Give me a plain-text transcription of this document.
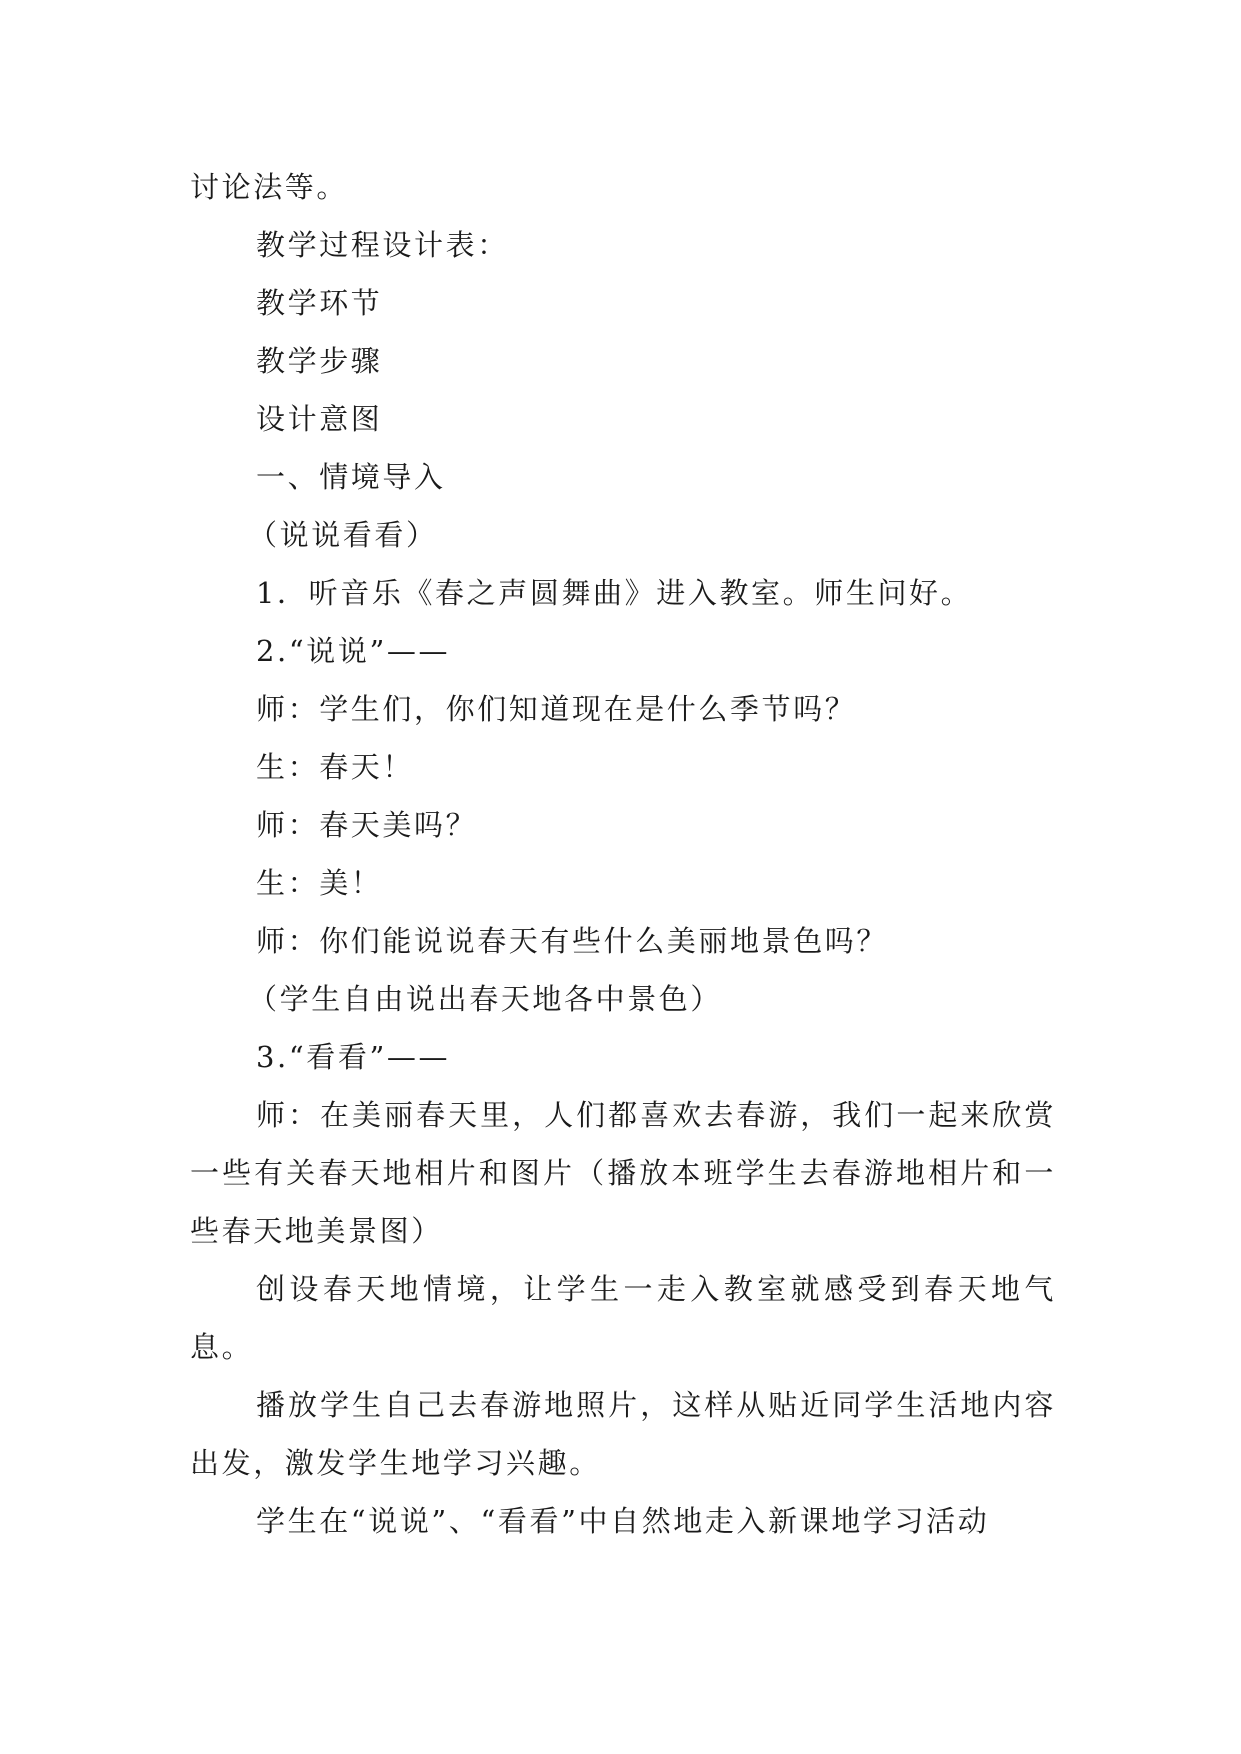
讨论法等。

教学过程设计表：

教学环节

教学步骤

设计意图

一、情境导入

（说说看看）

1．听音乐《春之声圆舞曲》进入教室。师生问好。

2.“说说”——

师：学生们，你们知道现在是什么季节吗？

生：春天！

师：春天美吗？

生：美！

师：你们能说说春天有些什么美丽地景色吗？

（学生自由说出春天地各中景色）

3.“看看”——

师：在美丽春天里，人们都喜欢去春游，我们一起来欣赏一些有关春天地相片和图片（播放本班学生去春游地相片和一些春天地美景图）

创设春天地情境，让学生一走入教室就感受到春天地气息。

播放学生自己去春游地照片，这样从贴近同学生活地内容出发，激发学生地学习兴趣。

学生在“说说”、“看看”中自然地走入新课地学习活动
